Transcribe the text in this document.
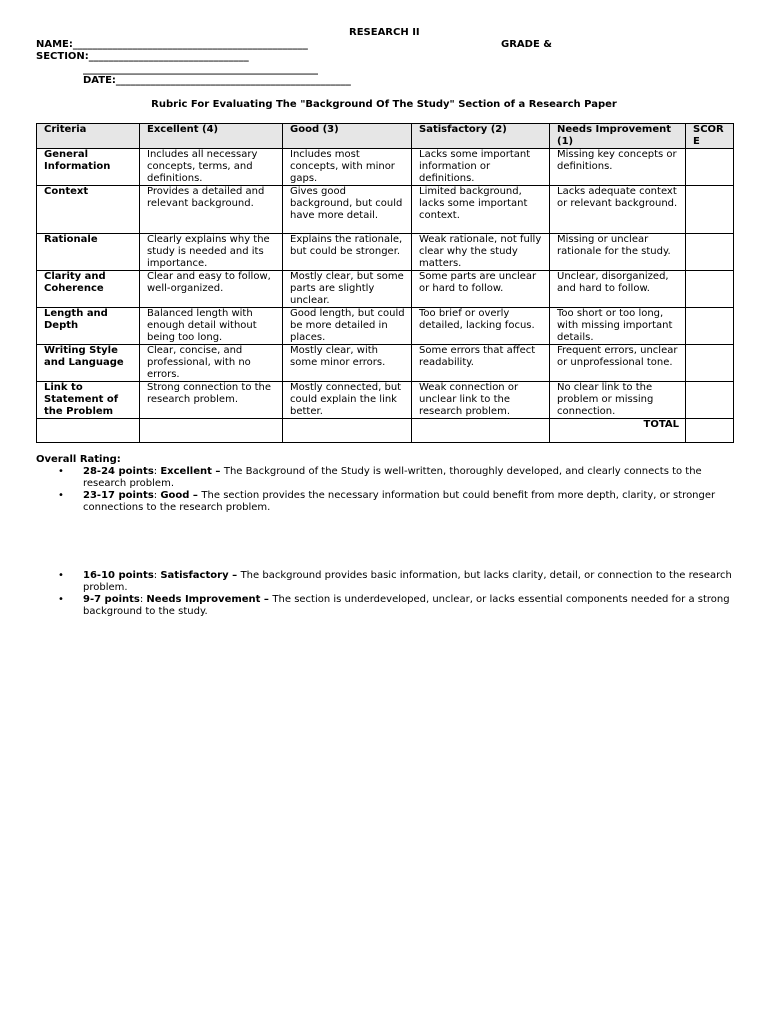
RESEARCH II
NAME:_______________________________________________	GRADE &
SECTION:________________________________
_______________________________________________
DATE:_______________________________________________
Rubric For Evaluating The "Background Of The Study" Section of a Research Paper
Criteria	Excellent (4)	Good (3)	Satisfactory (2)	Needs Improvement (1)	SCORE
General Information	Includes all necessary concepts, terms, and definitions.	Includes most concepts, with minor gaps.	Lacks some important information or definitions.	Missing key concepts or definitions.	
Context	Provides a detailed and relevant background.	Gives good background, but could have more detail.	Limited background, lacks some important context.	Lacks adequate context or relevant background.	
Rationale	Clearly explains why the study is needed and its importance.	Explains the rationale, but could be stronger.	Weak rationale, not fully clear why the study matters.	Missing or unclear rationale for the study.	
Clarity and Coherence	Clear and easy to follow, well-organized.	Mostly clear, but some parts are slightly unclear.	Some parts are unclear or hard to follow.	Unclear, disorganized, and hard to follow.	
Length and Depth	Balanced length with enough detail without being too long.	Good length, but could be more detailed in places.	Too brief or overly detailed, lacking focus.	Too short or too long, with missing important details.	
Writing Style and Language	Clear, concise, and professional, with no errors.	Mostly clear, with some minor errors.	Some errors that affect readability.	Frequent errors, unclear or unprofessional tone.	
Link to Statement of the Problem	Strong connection to the research problem.	Mostly connected, but could explain the link better.	Weak connection or unclear link to the research problem.	No clear link to the problem or missing connection.	
				TOTAL	
Overall Rating:
• 28-24 points: Excellent – The Background of the Study is well-written, thoroughly developed, and clearly connects to the research problem.
• 23-17 points: Good – The section provides the necessary information but could benefit from more depth, clarity, or stronger connections to the research problem.
• 16-10 points: Satisfactory – The background provides basic information, but lacks clarity, detail, or connection to the research problem.
• 9-7 points: Needs Improvement – The section is underdeveloped, unclear, or lacks essential components needed for a strong background to the study.
